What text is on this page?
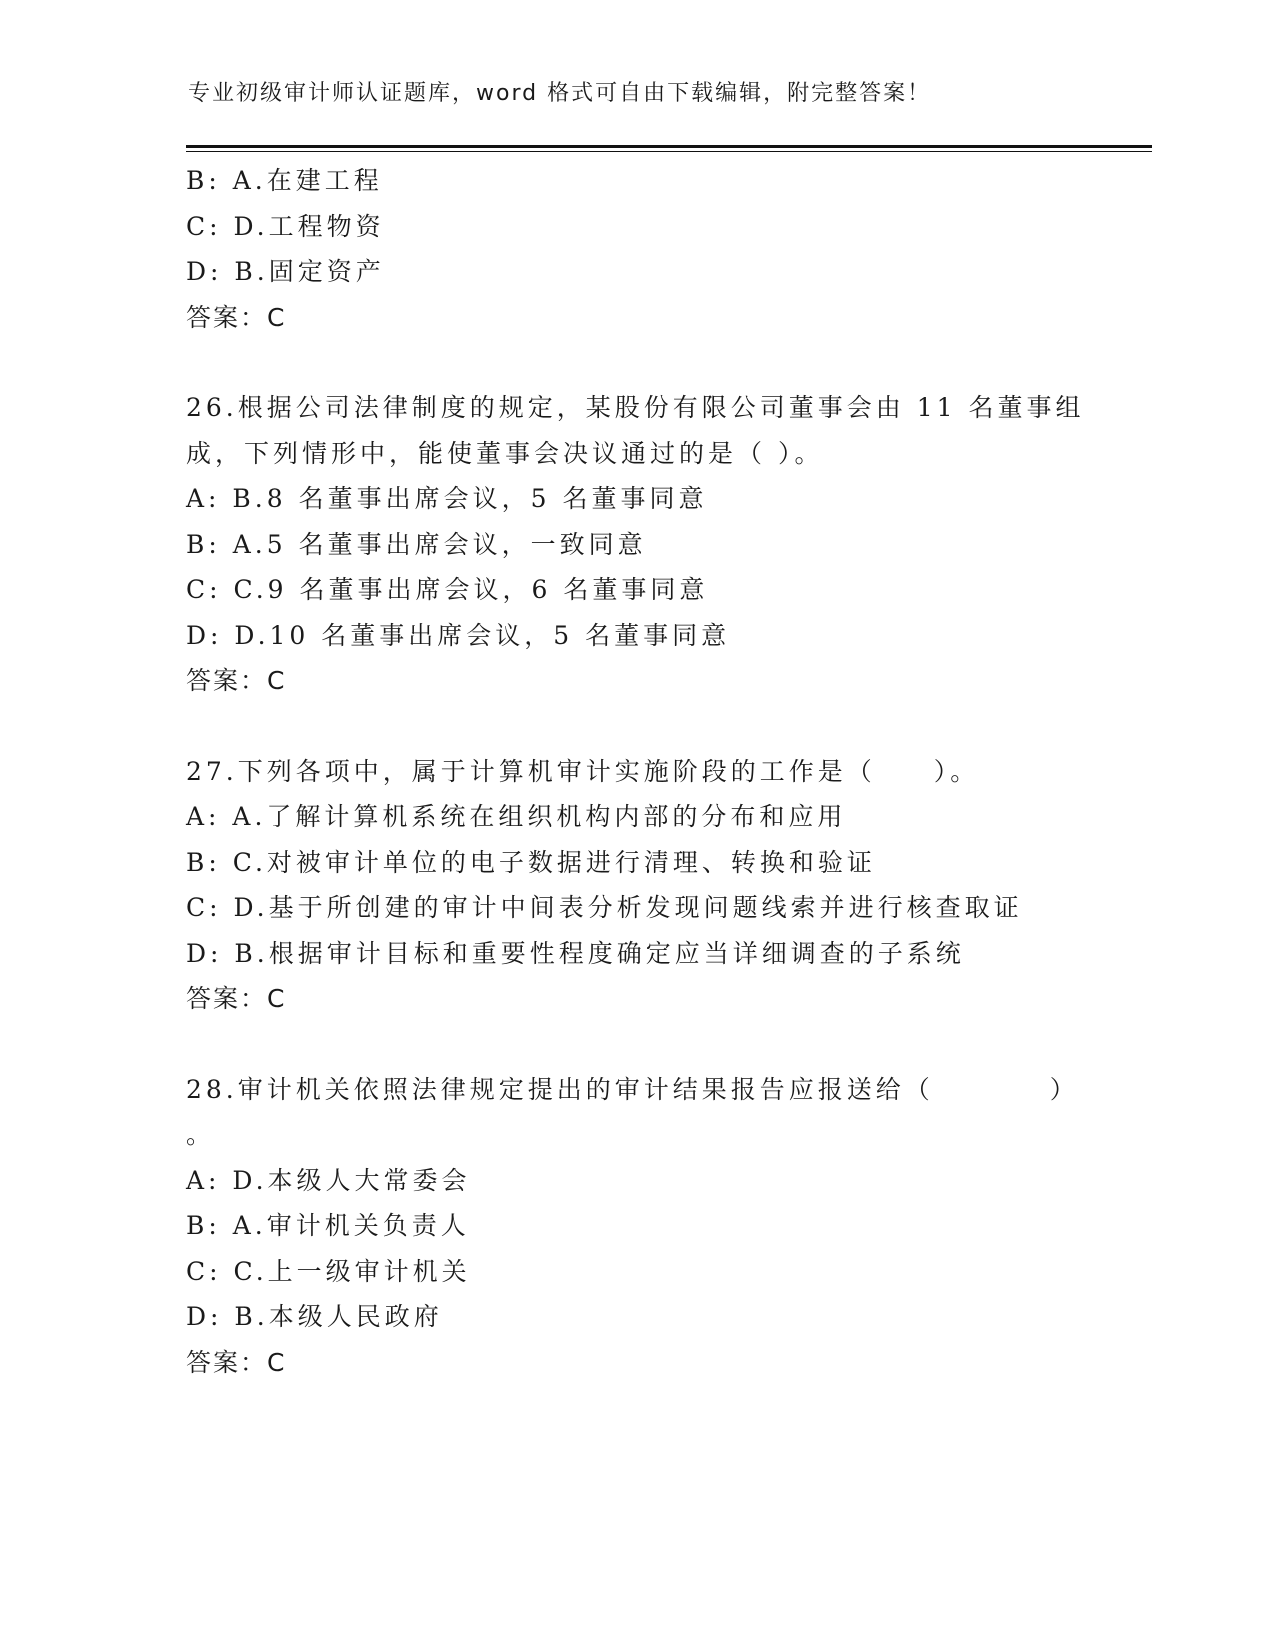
专业初级审计师认证题库，word 格式可自由下载编辑，附完整答案！
B: A.在建工程
C: D.工程物资
D: B.固定资产
答案：C
26.根据公司法律制度的规定，某股份有限公司董事会由 11 名董事组
成，下列情形中，能使董事会决议通过的是（ ）。
A: B.8 名董事出席会议，5 名董事同意
B: A.5 名董事出席会议，一致同意
C: C.9 名董事出席会议，6 名董事同意
D: D.10 名董事出席会议，5 名董事同意
答案：C
27.下列各项中，属于计算机审计实施阶段的工作是（　　）。
A: A.了解计算机系统在组织机构内部的分布和应用
B: C.对被审计单位的电子数据进行清理、转换和验证
C: D.基于所创建的审计中间表分析发现问题线索并进行核查取证
D: B.根据审计目标和重要性程度确定应当详细调查的子系统
答案：C
28.审计机关依照法律规定提出的审计结果报告应报送给（　　　　）
。
A: D.本级人大常委会
B: A.审计机关负责人
C: C.上一级审计机关
D: B.本级人民政府
答案：C
